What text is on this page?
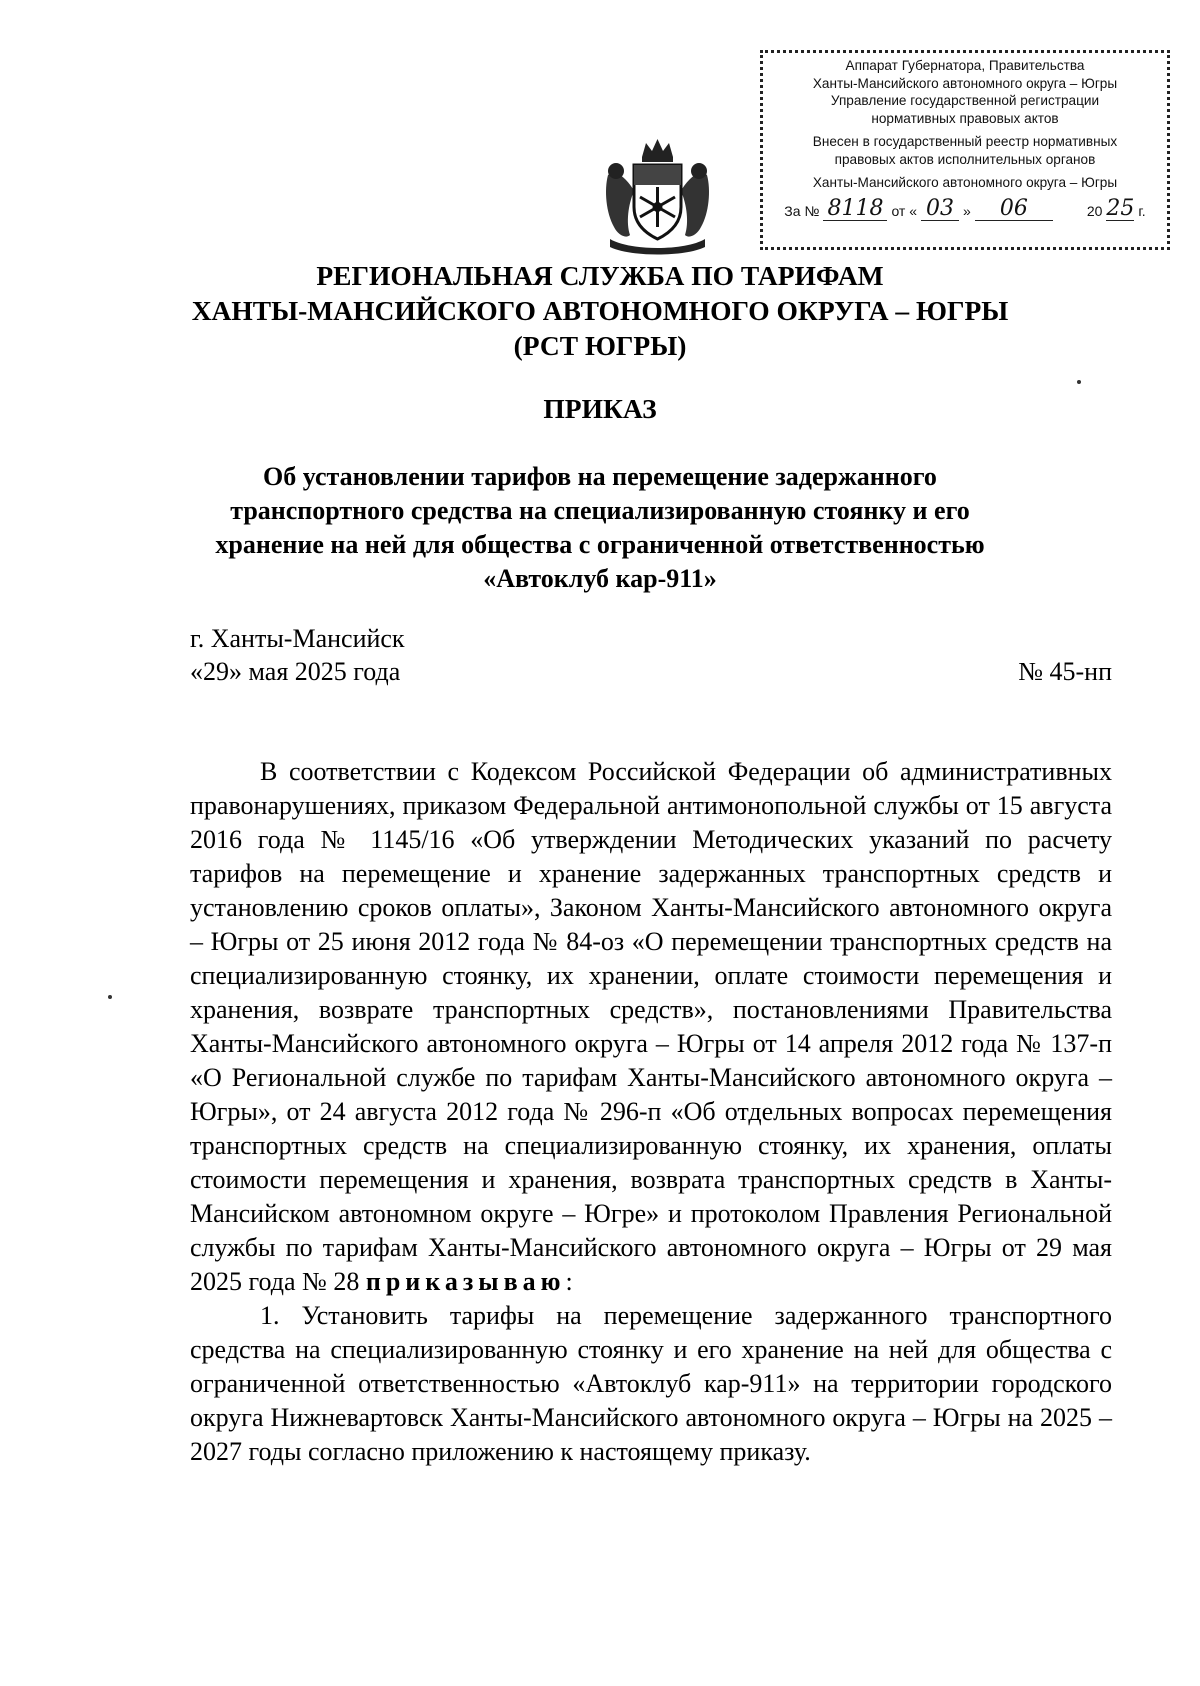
Аппарат Губернатора, Правительства
Ханты-Мансийского автономного округа – Югры
Управление государственной регистрации
нормативных правовых актов
Внесен в государственный реестр нормативных
правовых актов исполнительных органов
Ханты-Мансийского автономного округа – Югры
За № 8118 от « 03 »	06	20 25 г.
РЕГИОНАЛЬНАЯ СЛУЖБА ПО ТАРИФАМ
ХАНТЫ-МАНСИЙСКОГО АВТОНОМНОГО ОКРУГА – ЮГРЫ
(РСТ ЮГРЫ)
ПРИКАЗ
Об установлении тарифов на перемещение задержанного транспортного средства на специализированную стоянку и его хранение на ней для общества с ограниченной ответственностью «Автоклуб кар-911»
г. Ханты-Мансийск
«29» мая 2025 года	№ 45-нп

В соответствии с Кодексом Российской Федерации об административных правонарушениях, приказом Федеральной антимонопольной службы от 15 августа 2016 года № 1145/16 «Об утверждении Методических указаний по расчету тарифов на перемещение и хранение задержанных транспортных средств и установлению сроков оплаты», Законом Ханты-Мансийского автономного округа – Югры от 25 июня 2012 года № 84-оз «О перемещении транспортных средств на специализированную стоянку, их хранении, оплате стоимости перемещения и хранения, возврате транспортных средств», постановлениями Правительства Ханты-Мансийского автономного округа – Югры от 14 апреля 2012 года № 137-п «О Региональной службе по тарифам Ханты-Мансийского автономного округа – Югры», от 24 августа 2012 года № 296-п «Об отдельных вопросах перемещения транспортных средств на специализированную стоянку, их хранения, оплаты стоимости перемещения и хранения, возврата транспортных средств в Ханты-Мансийском автономном округе – Югре» и протоколом Правления Региональной службы по тарифам Ханты-Мансийского автономного округа – Югры от 29 мая 2025 года № 28 приказываю:

1. Установить тарифы на перемещение задержанного транспортного средства на специализированную стоянку и его хранение на ней для общества с ограниченной ответственностью «Автоклуб кар-911» на территории городского округа Нижневартовск Ханты-Мансийского автономного округа – Югры на 2025 – 2027 годы согласно приложению к настоящему приказу.
